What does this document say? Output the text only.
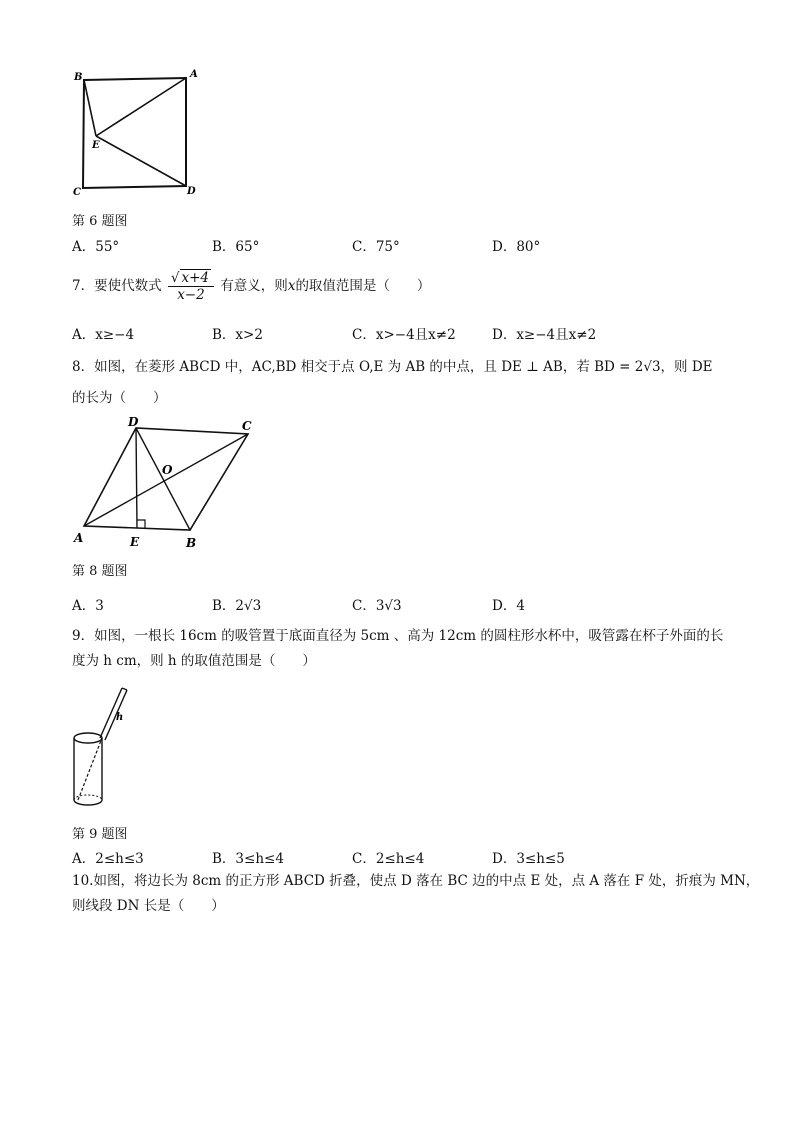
B	A
E
C	D
第 6 题图
A．55°	B．65°	C．75°	D．80°
7．要使代数式 $\frac{√ x+4}{x-2}$ 有意义，则x的取值范围是（　　）
A．x≥−4	B．x>2	C．x>−4且x≠2	D．x≥−4且x≠2
8．如图，在菱形 ABCD 中，AC,BD 相交于点 O,E 为 AB 的中点，且 DE ⊥ AB，若 BD = 2√3，则 DE
的长为（　　）
D	C
O
A	E	B
第 8 题图
A．3	B．2√3	C．3√3	D．4
9．如图，一根长 16cm 的吸管置于底面直径为 5cm 、高为 12cm 的圆柱形水杯中，吸管露在杯子外面的长
度为 h cm，则 h 的取值范围是（　　）
h
第 9 题图
A．2≤h≤3	B．3≤h≤4	C．2≤h≤4	D．3≤h≤5
10.如图，将边长为 8cm 的正方形 ABCD 折叠，使点 D 落在 BC 边的中点 E 处，点 A 落在 F 处，折痕为 MN，
则线段 DN 长是（　　）
